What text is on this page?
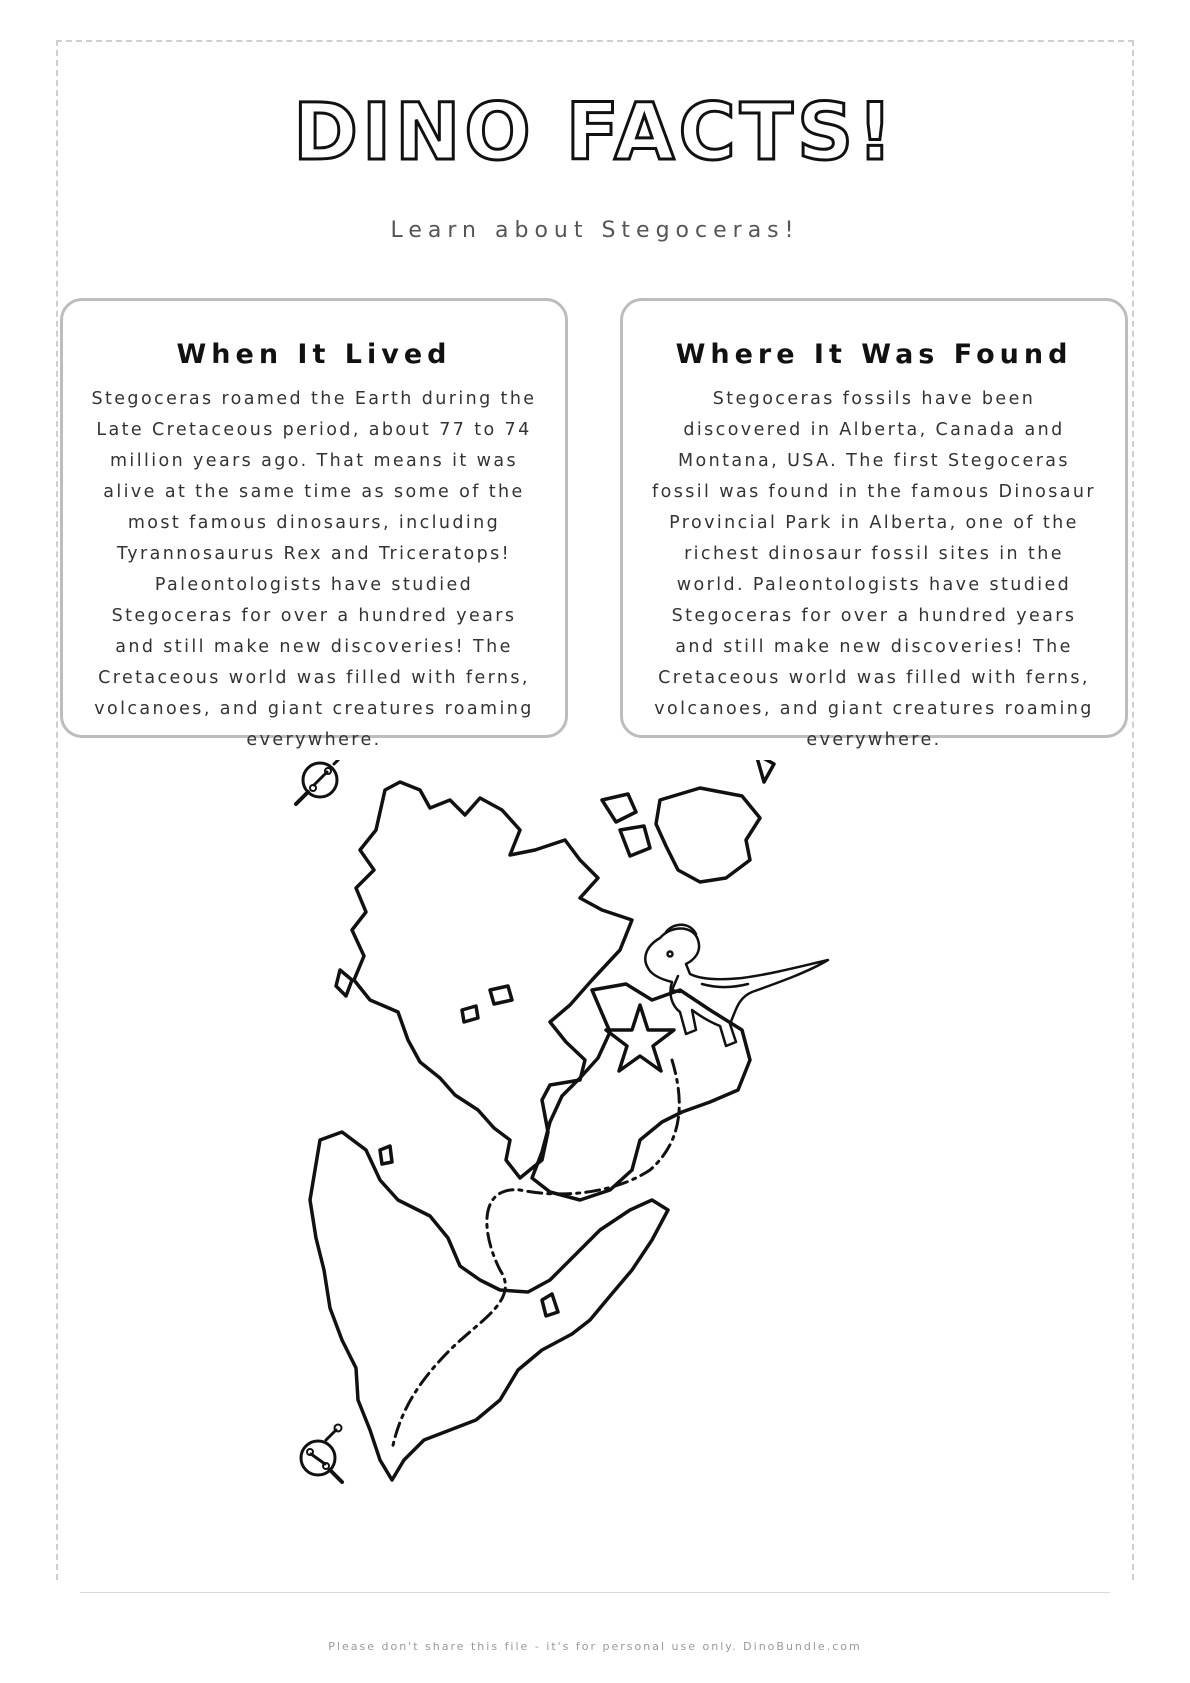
DINO FACTS!

Learn about Stegoceras!

When It Lived

Stegoceras roamed the Earth during the Late Cretaceous period, about 77 to 74 million years ago. That means it was alive at the same time as some of the most famous dinosaurs, including Tyrannosaurus Rex and Triceratops! Paleontologists have studied Stegoceras for over a hundred years and still make new discoveries! The Cretaceous world was filled with ferns, volcanoes, and giant creatures roaming everywhere.

Where It Was Found

Stegoceras fossils have been discovered in Alberta, Canada and Montana, USA. The first Stegoceras fossil was found in the famous Dinosaur Provincial Park in Alberta, one of the richest dinosaur fossil sites in the world. Paleontologists have studied Stegoceras for over a hundred years and still make new discoveries! The Cretaceous world was filled with ferns, volcanoes, and giant creatures roaming everywhere.

Please don't share this file - it's for personal use only. DinoBundle.com
